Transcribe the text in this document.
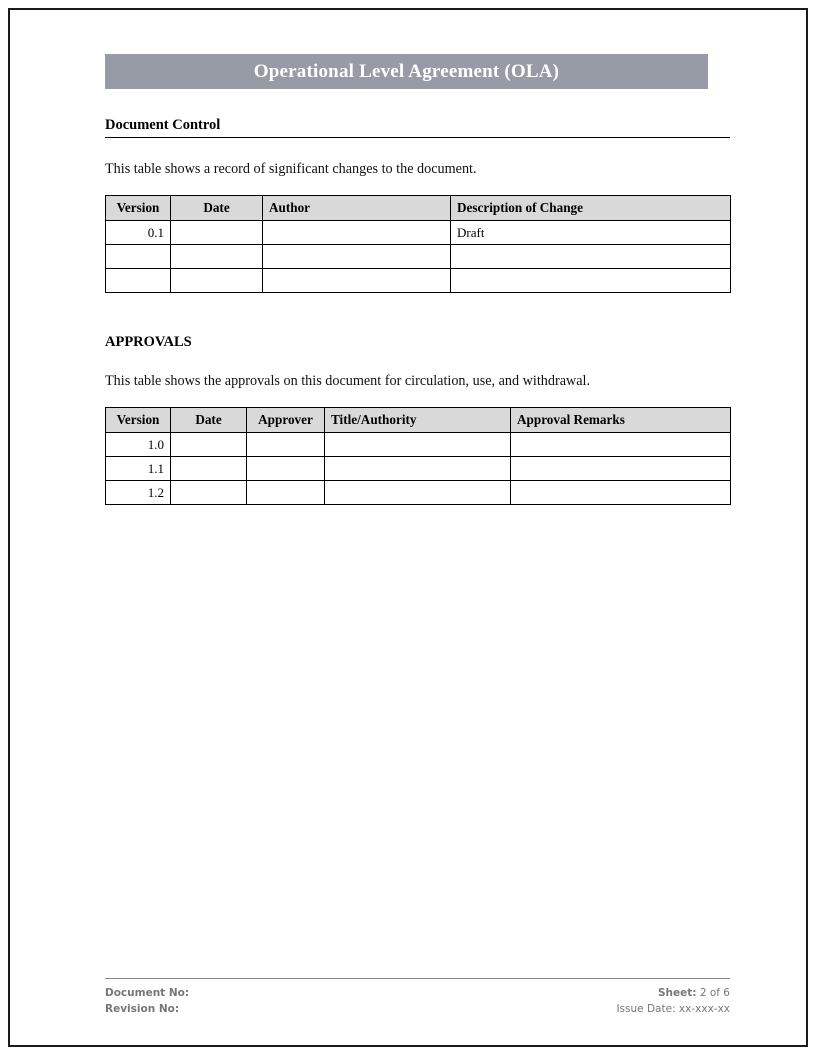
Operational Level Agreement (OLA)
Document Control
This table shows a record of significant changes to the document.
Version	Date	Author	Description of Change
0.1			Draft

APPROVALS
This table shows the approvals on this document for circulation, use, and withdrawal.
Version	Date	Approver	Title/Authority	Approval Remarks
1.0				
1.1				
1.2				
Document No:
Revision No:
Sheet: 2 of 6
Issue Date: xx-xxx-xx
